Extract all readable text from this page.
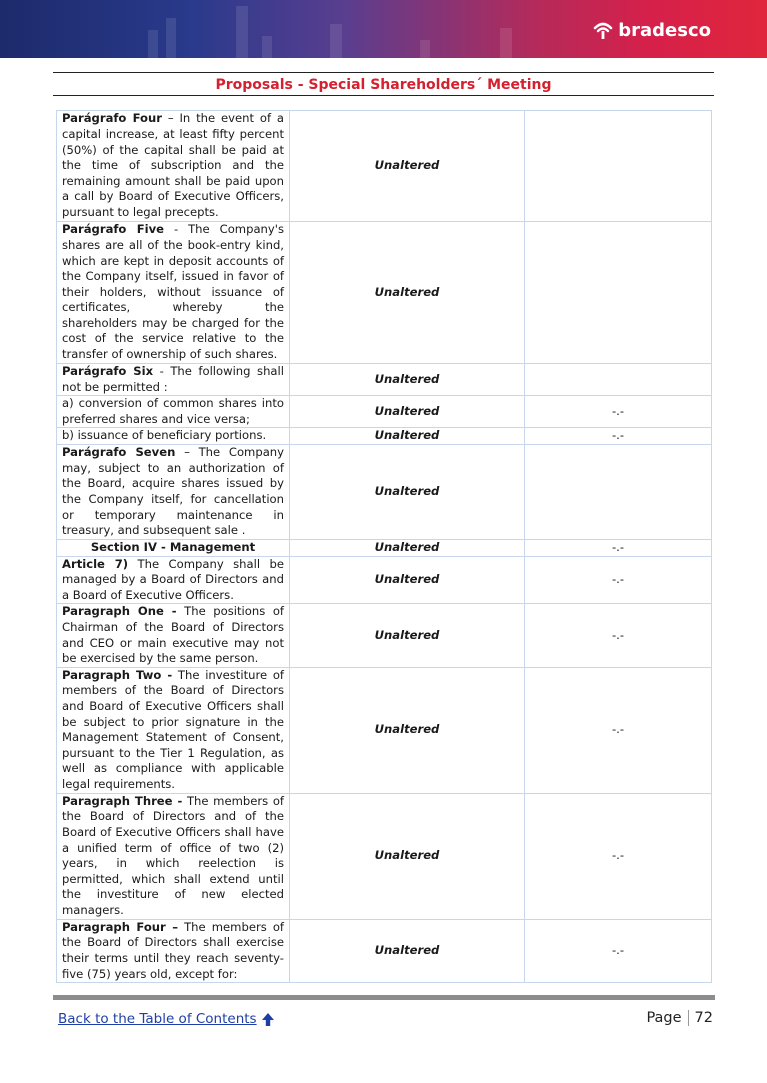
bradesco
Proposals - Special Shareholders´ Meeting
Parágrafo Four – In the event of a capital increase, at least fifty percent (50%) of the capital shall be paid at the time of subscription and the remaining amount shall be paid upon a call by Board of Executive Officers, pursuant to legal precepts.	Unaltered	
Parágrafo Five - The Company's shares are all of the book-entry kind, which are kept in deposit accounts of the Company itself, issued in favor of their holders, without issuance of certificates, whereby the shareholders may be charged for the cost of the service relative to the transfer of ownership of such shares.	Unaltered	
Parágrafo Six - The following shall not be permitted :	Unaltered	
a) conversion of common shares into preferred shares and vice versa;	Unaltered	-.-
b) issuance of beneficiary portions.	Unaltered	-.-
Parágrafo Seven – The Company may, subject to an authorization of the Board, acquire shares issued by the Company itself, for cancellation or temporary maintenance in treasury, and subsequent sale .	Unaltered	
Section IV - Management	Unaltered	-.-
Article 7) The Company shall be managed by a Board of Directors and a Board of Executive Officers.	Unaltered	-.-
Paragraph One - The positions of Chairman of the Board of Directors and CEO or main executive may not be exercised by the same person.	Unaltered	-.-
Paragraph Two - The investiture of members of the Board of Directors and Board of Executive Officers shall be subject to prior signature in the Management Statement of Consent, pursuant to the Tier 1 Regulation, as well as compliance with applicable legal requirements.	Unaltered	-.-
Paragraph Three - The members of the Board of Directors and of the Board of Executive Officers shall have a unified term of office of two (2) years, in which reelection is permitted, which shall extend until the investiture of new elected managers.	Unaltered	-.-
Paragraph Four – The members of the Board of Directors shall exercise their terms until they reach seventy-five (75) years old, except for:	Unaltered	-.-
Back to the Table of Contents	Page 72
